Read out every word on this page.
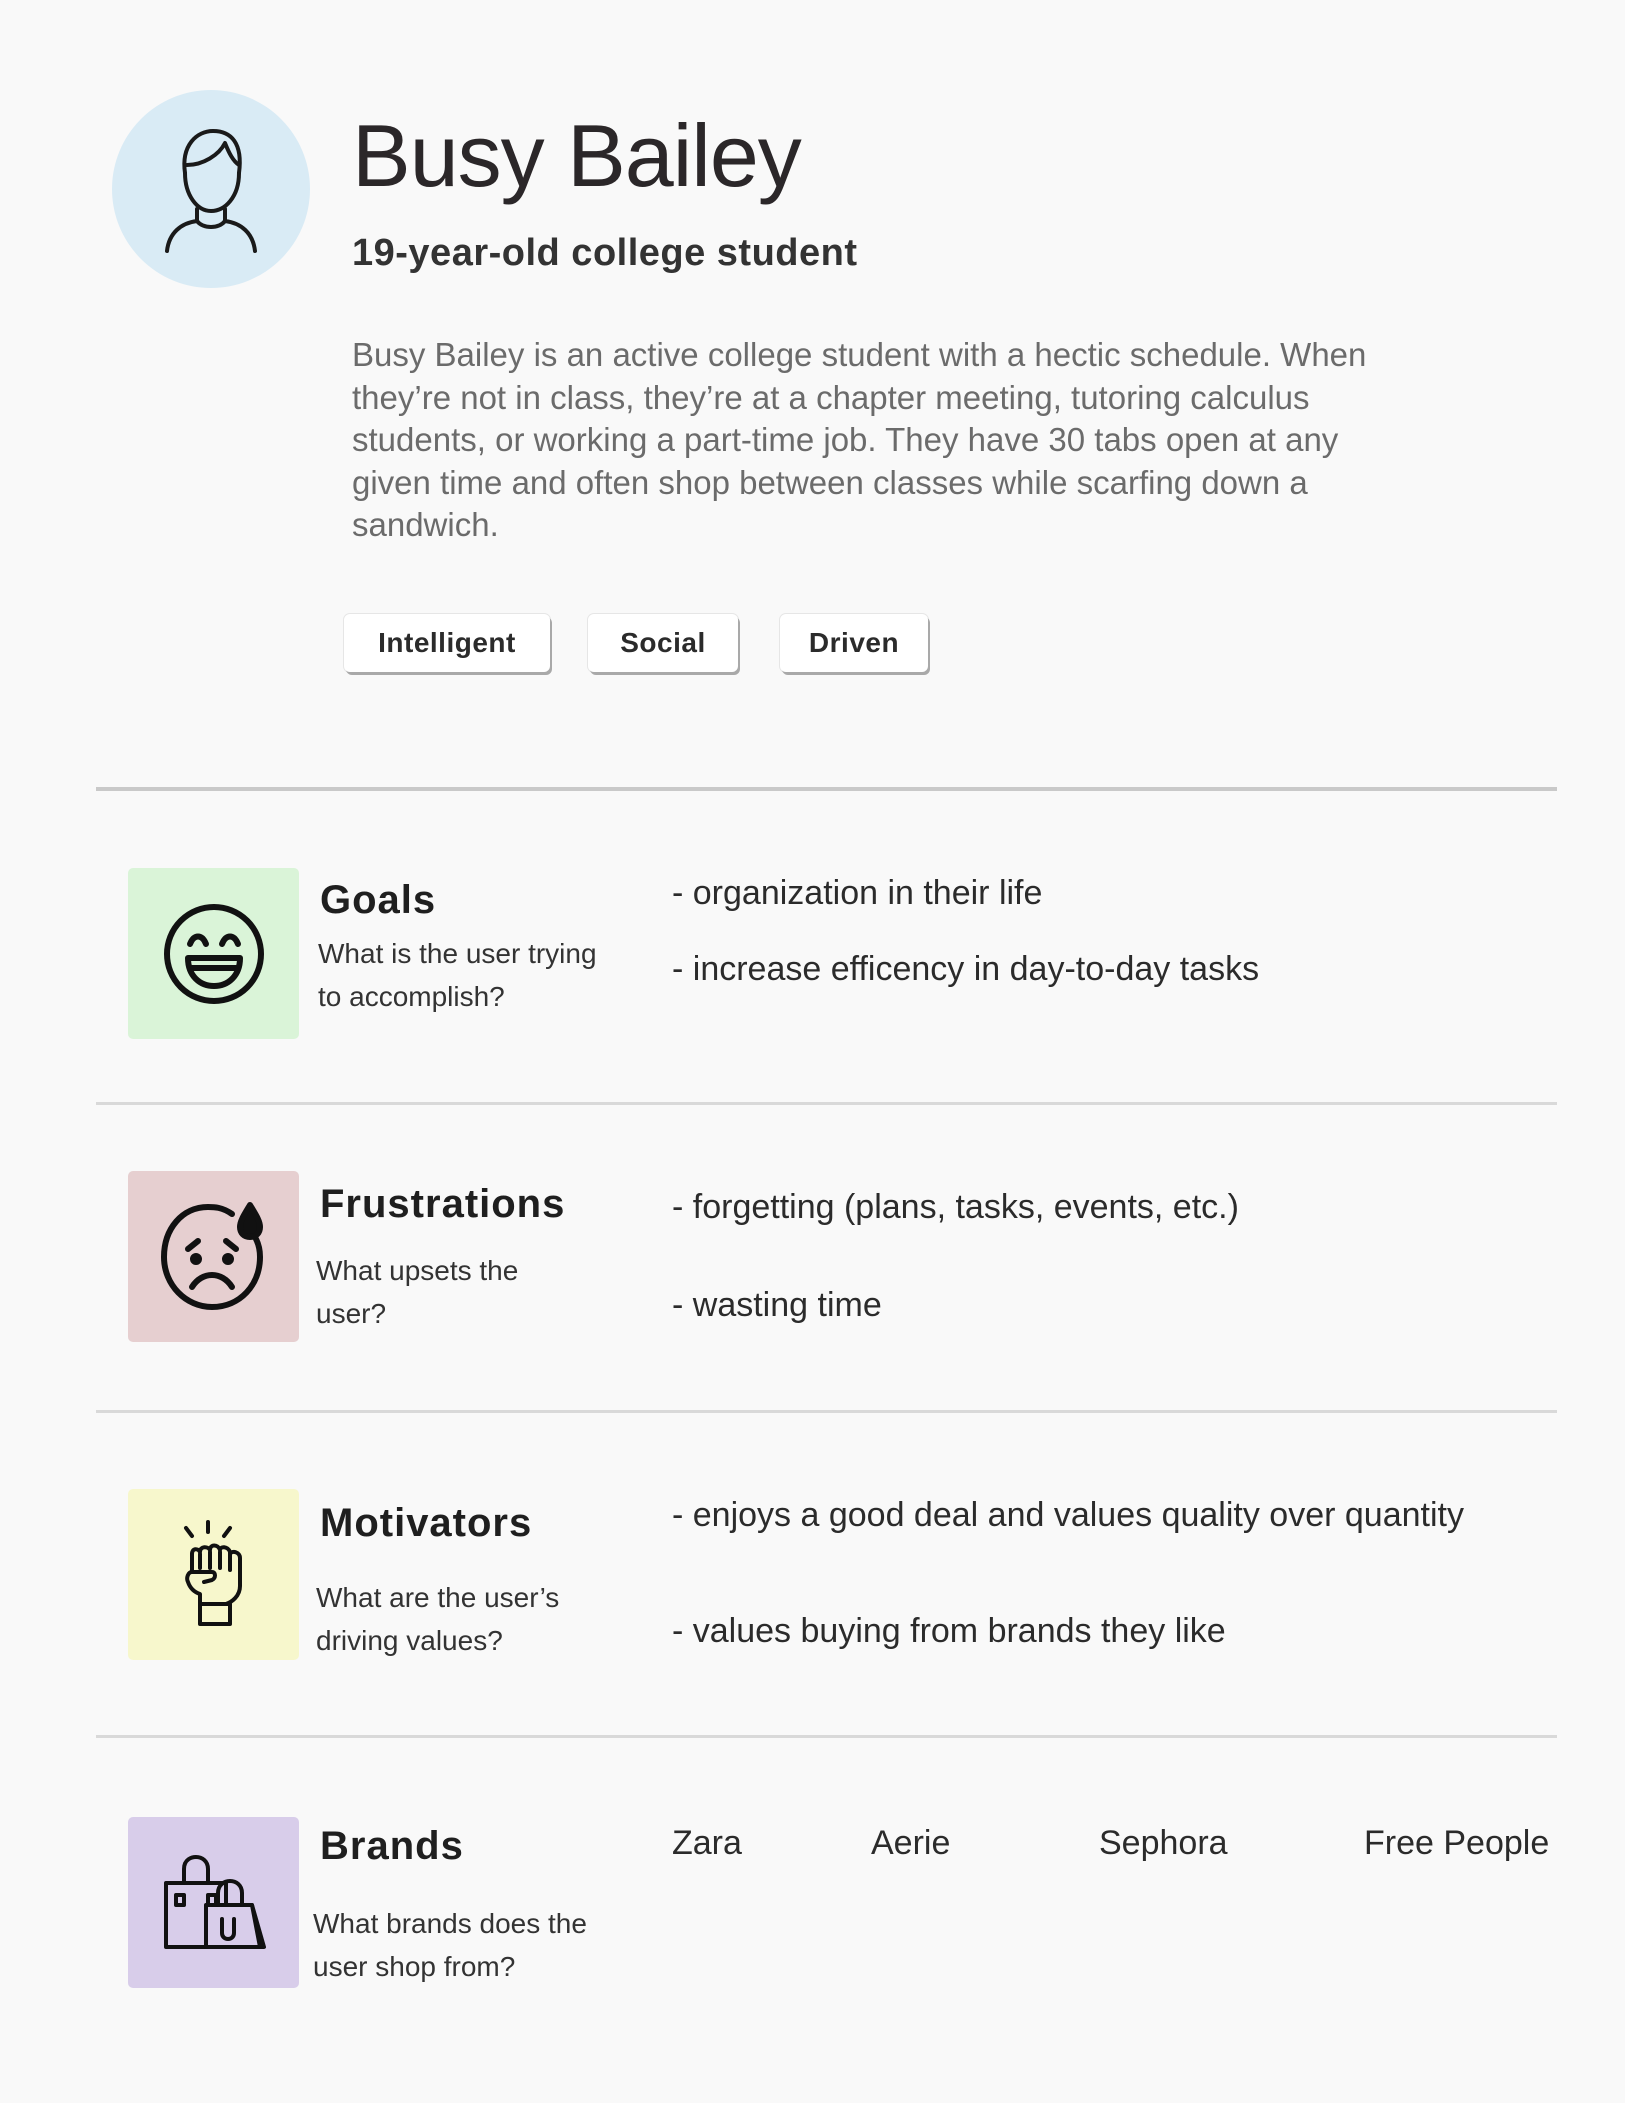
Busy Bailey
19-year-old college student
Busy Bailey is an active college student with a hectic schedule. When they’re not in class, they’re at a chapter meeting, tutoring calculus students, or working a part-time job. They have 30 tabs open at any given time and often shop between classes while scarfing down a sandwich.
Intelligent	Social	Driven
Goals
What is the user trying to accomplish?
- organization in their life
- increase efficency in day-to-day tasks
Frustrations
What upsets the user?
- forgetting (plans, tasks, events, etc.)
- wasting time
Motivators
What are the user’s driving values?
- enjoys a good deal and values quality over quantity
- values buying from brands they like
Brands
What brands does the user shop from?
Zara	Aerie	Sephora	Free People
